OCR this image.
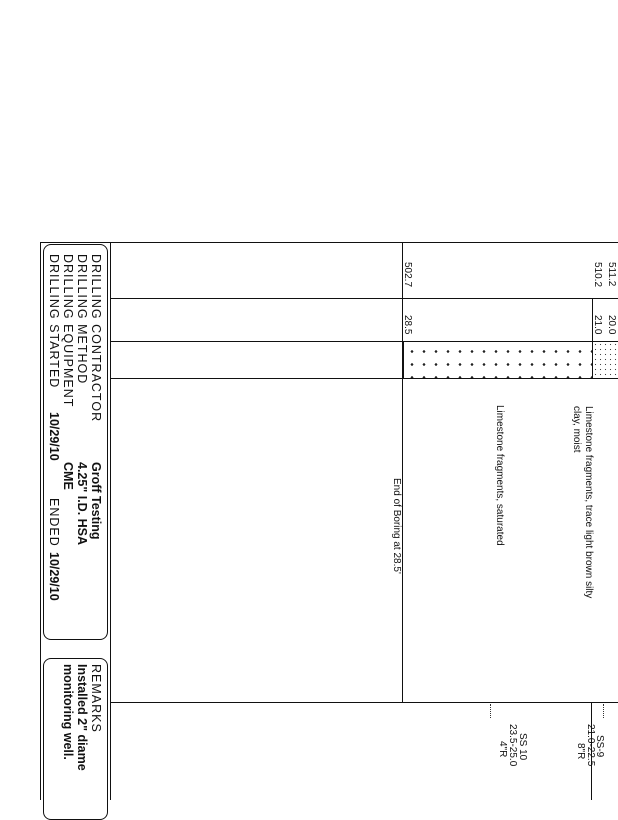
511.2
510.2
502.7
20.0
21.0
28.5
Limestone fragments, trace light brown silty
clay, moist
Limestone fragments, saturated
End of Boring at 28.5'
SS-9
21.0-22.5
8"R
SS 10
23.5-25.0
4"R
DRILLING CONTRACTOR
Groff Testing
DRILLING METHOD
4.25" I.D. HSA
DRILLING EQUIPMENT
CME
DRILLING STARTED
10/29/10
ENDED
10/29/10
REMARKS
Installed 2" diame
monitoring well.
